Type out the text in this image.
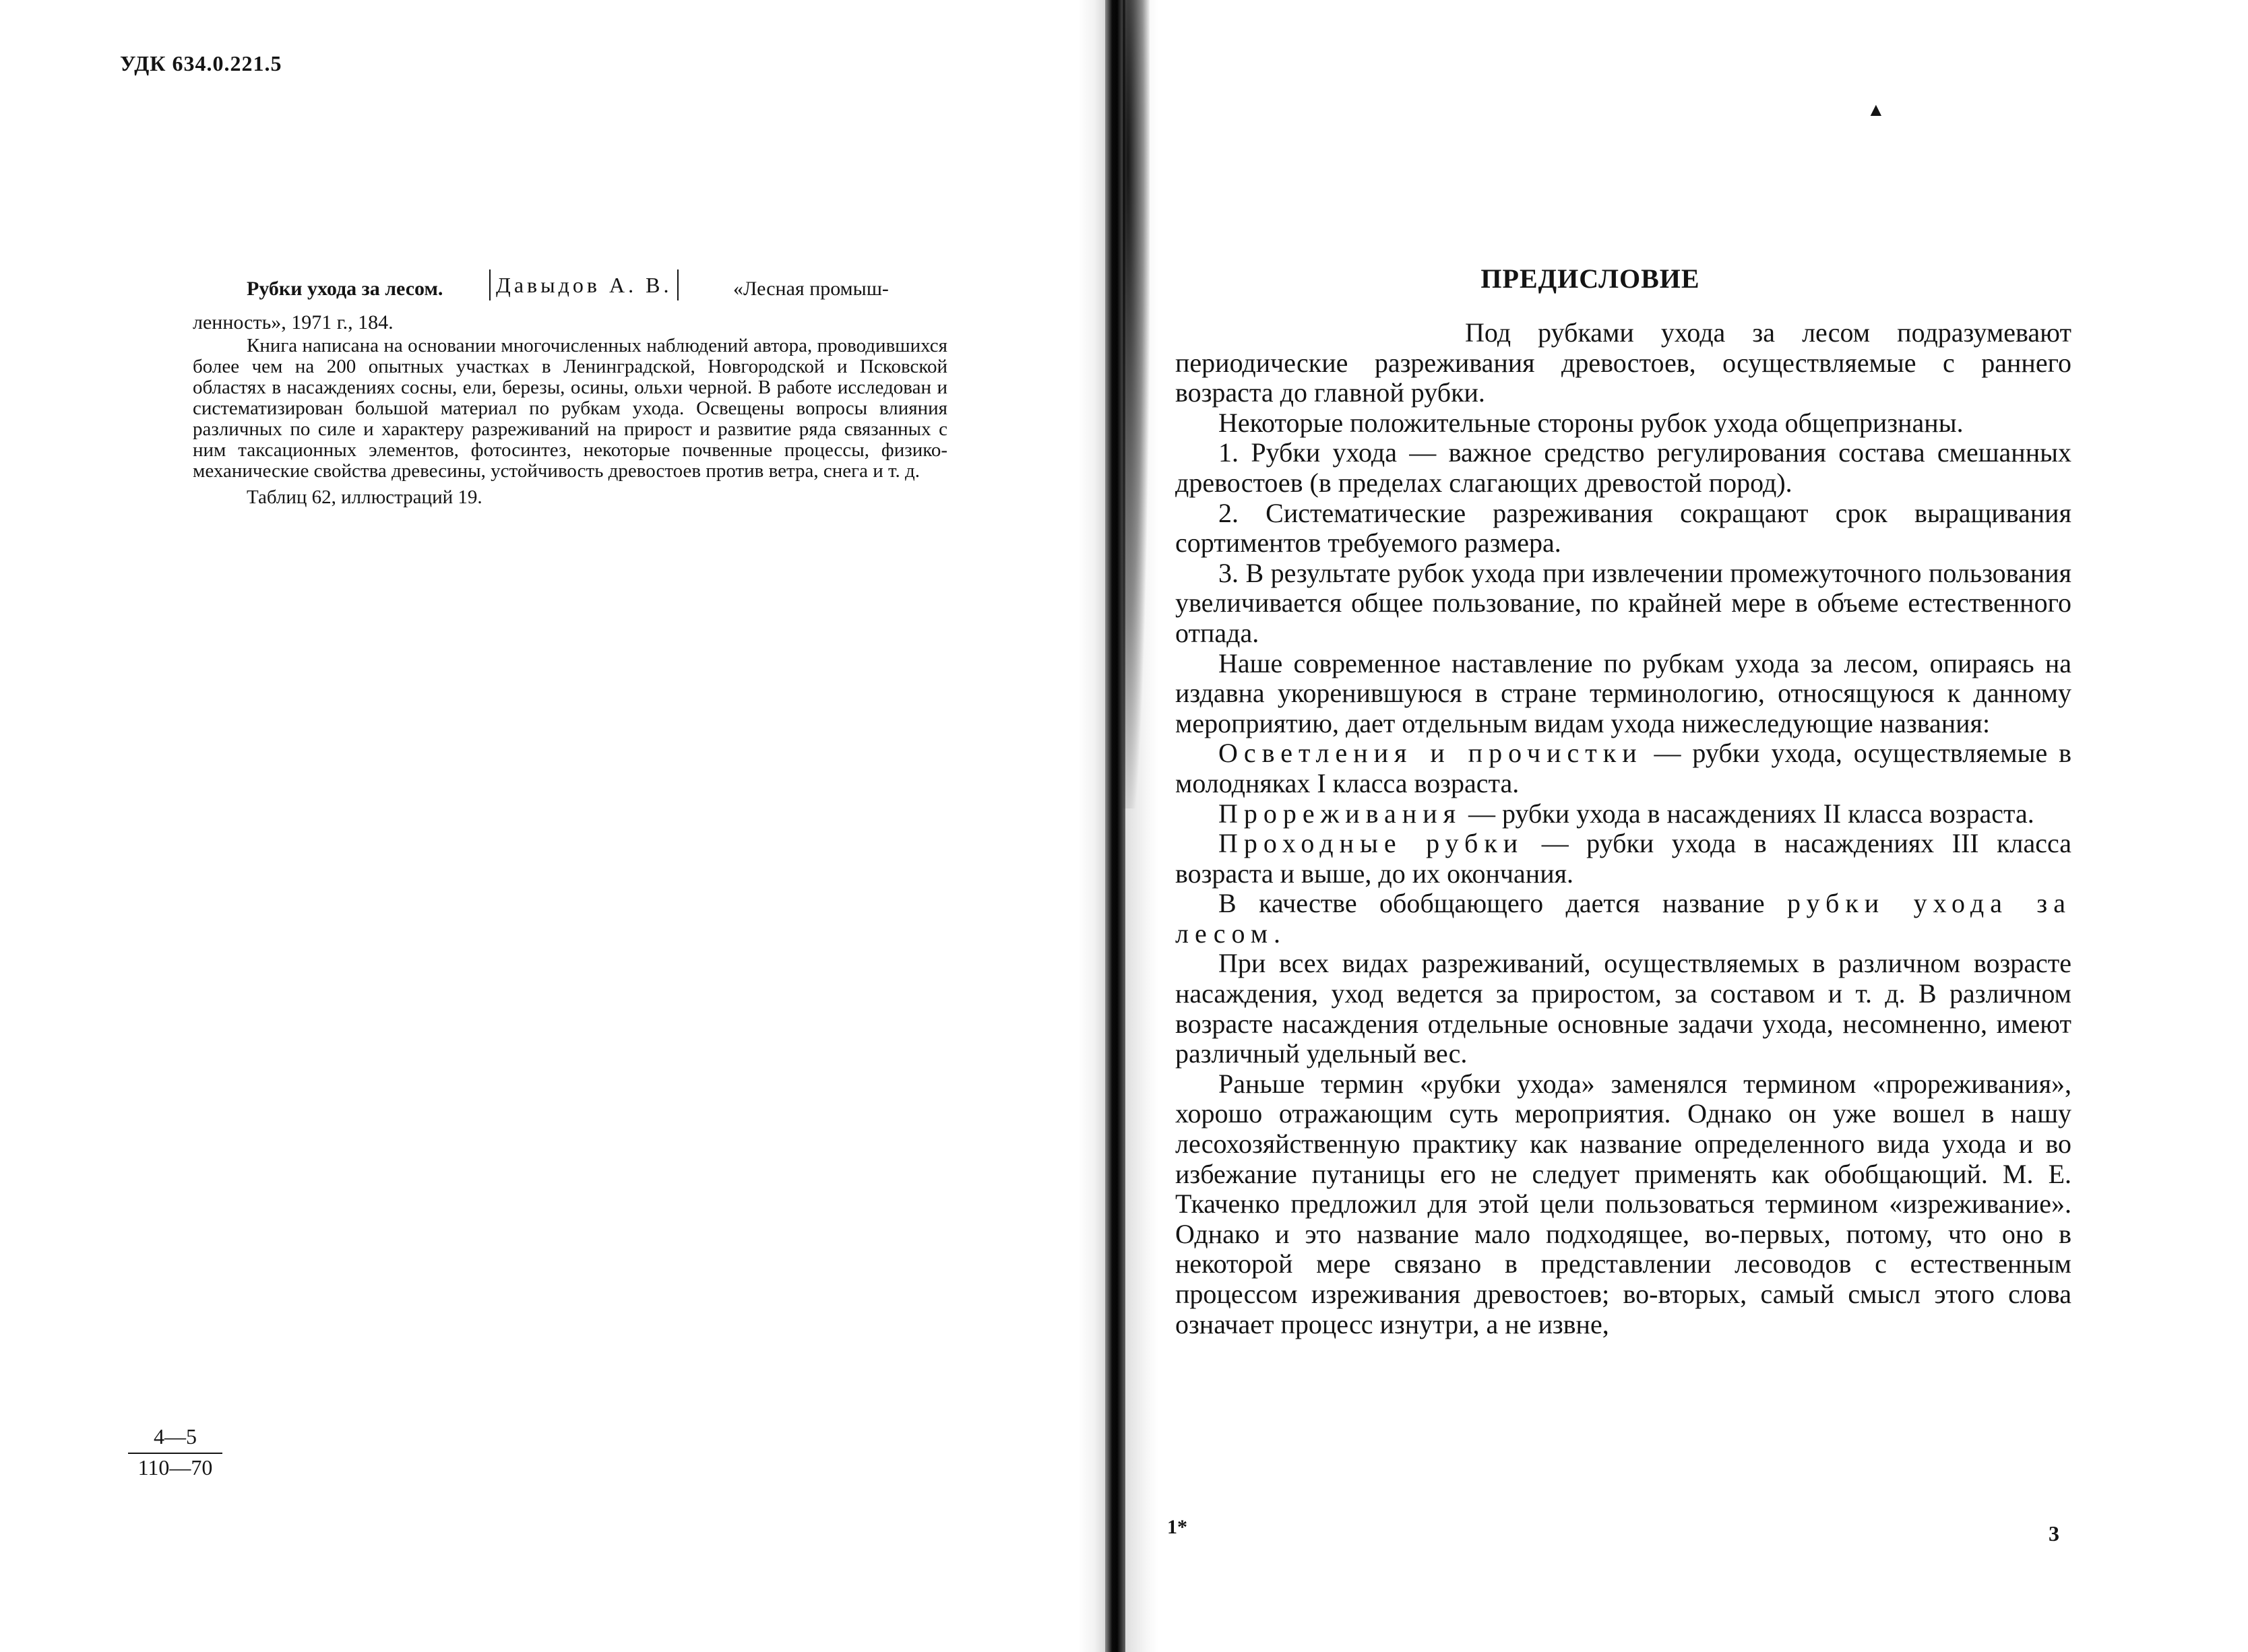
УДК 634.0.221.5
Рубки ухода за лесом.	Давыдов А. В.	«Лесная промыш-
ленность», 1971 г., 184.
Книга написана на основании многочисленных наблюдений автора, проводившихся более чем на 200 опытных участках в Ленинградской, Новгородской и Псковской областях в насаждениях сосны, ели, березы, осины, ольхи черной. В работе исследован и систематизирован большой материал по рубкам ухода. Освещены вопросы влияния различных по силе и характеру разреживаний на прирост и развитие ряда связанных с ним таксационных элементов, фотосинтез, некоторые почвенные процессы, физико-механические свойства древесины, устойчивость древостоев против ветра, снега и т. д.
Таблиц 62, иллюстраций 19.
4—5
110—70
▲
ПРЕДИСЛОВИЕ

Под рубками ухода за лесом подразумевают периодические разреживания древостоев, осуществляемые с раннего возраста до главной рубки.

Некоторые положительные стороны рубок ухода общепризнаны.

1. Рубки ухода — важное средство регулирования состава смешанных древостоев (в пределах слагающих древостой пород).

2. Систематические разреживания сокращают срок выращивания сортиментов требуемого размера.

3. В результате рубок ухода при извлечении промежуточного пользования увеличивается общее пользование, по крайней мере в объеме естественного отпада.

Наше современное наставление по рубкам ухода за лесом, опираясь на издавна укоренившуюся в стране терминологию, относящуюся к данному мероприятию, дает отдельным видам ухода нижеследующие названия:

Осветления и прочистки — рубки ухода, осуществляемые в молодняках I класса возраста.

Прореживания — рубки ухода в насаждениях II класса возраста.

Проходные рубки — рубки ухода в насаждениях III класса возраста и выше, до их окончания.

В качестве обобщающего дается название рубки ухода за лесом.

При всех видах разреживаний, осуществляемых в различном возрасте насаждения, уход ведется за приростом, за составом и т. д. В различном возрасте насаждения отдельные основные задачи ухода, несомненно, имеют различный удельный вес.

Раньше термин «рубки ухода» заменялся термином «прореживания», хорошо отражающим суть мероприятия. Однако он уже вошел в нашу лесохозяйственную практику как название определенного вида ухода и во избежание путаницы его не следует применять как обобщающий. М. Е. Ткаченко предложил для этой цели пользоваться термином «изреживание». Однако и это название мало подходящее, во-первых, потому, что оно в некоторой мере связано в представлении лесоводов с естественным процессом изреживания древостоев; во-вторых, самый смысл этого слова означает процесс изнутри, а не извне,

1*	3
